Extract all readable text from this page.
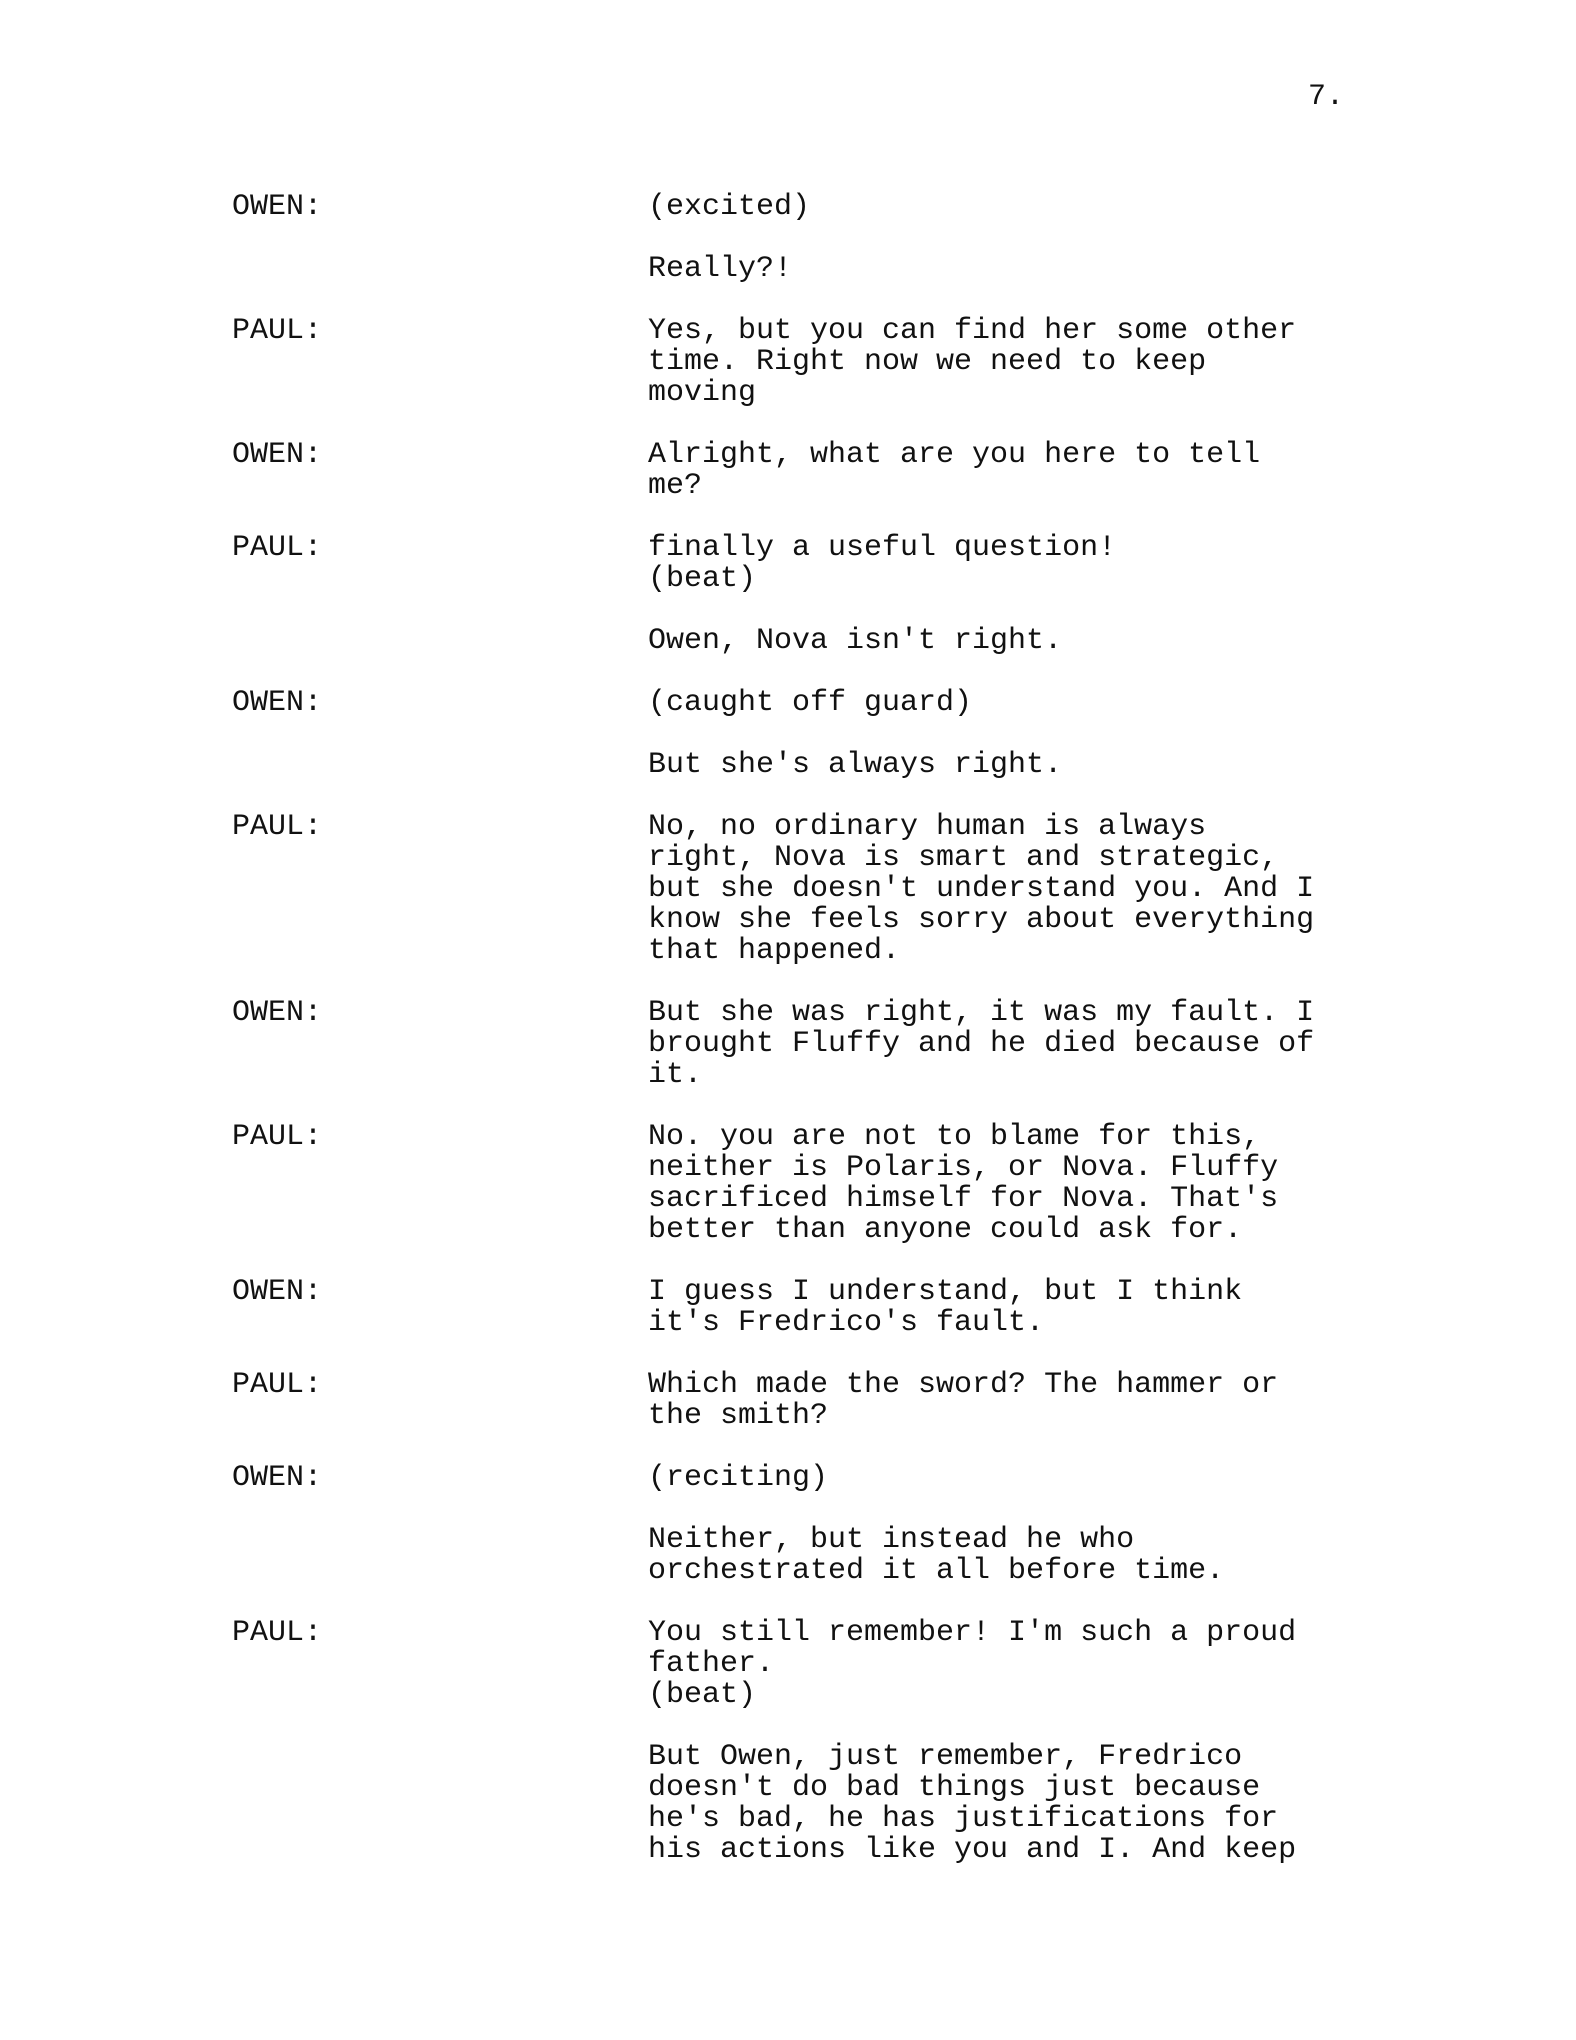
7.
OWEN:	(excited)
Really?!
PAUL:	Yes, but you can find her some other
time. Right now we need to keep
moving
OWEN:	Alright, what are you here to tell
me?
PAUL:	finally a useful question!
(beat)
Owen, Nova isn't right.
OWEN:	(caught off guard)
But she's always right.
PAUL:	No, no ordinary human is always
right, Nova is smart and strategic,
but she doesn't understand you. And I
know she feels sorry about everything
that happened.
OWEN:	But she was right, it was my fault. I
brought Fluffy and he died because of
it.
PAUL:	No. you are not to blame for this,
neither is Polaris, or Nova. Fluffy
sacrificed himself for Nova. That's
better than anyone could ask for.
OWEN:	I guess I understand, but I think
it's Fredrico's fault.
PAUL:	Which made the sword? The hammer or
the smith?
OWEN:	(reciting)
Neither, but instead he who
orchestrated it all before time.
PAUL:	You still remember! I'm such a proud
father.
(beat)
But Owen, just remember, Fredrico
doesn't do bad things just because
he's bad, he has justifications for
his actions like you and I. And keep
